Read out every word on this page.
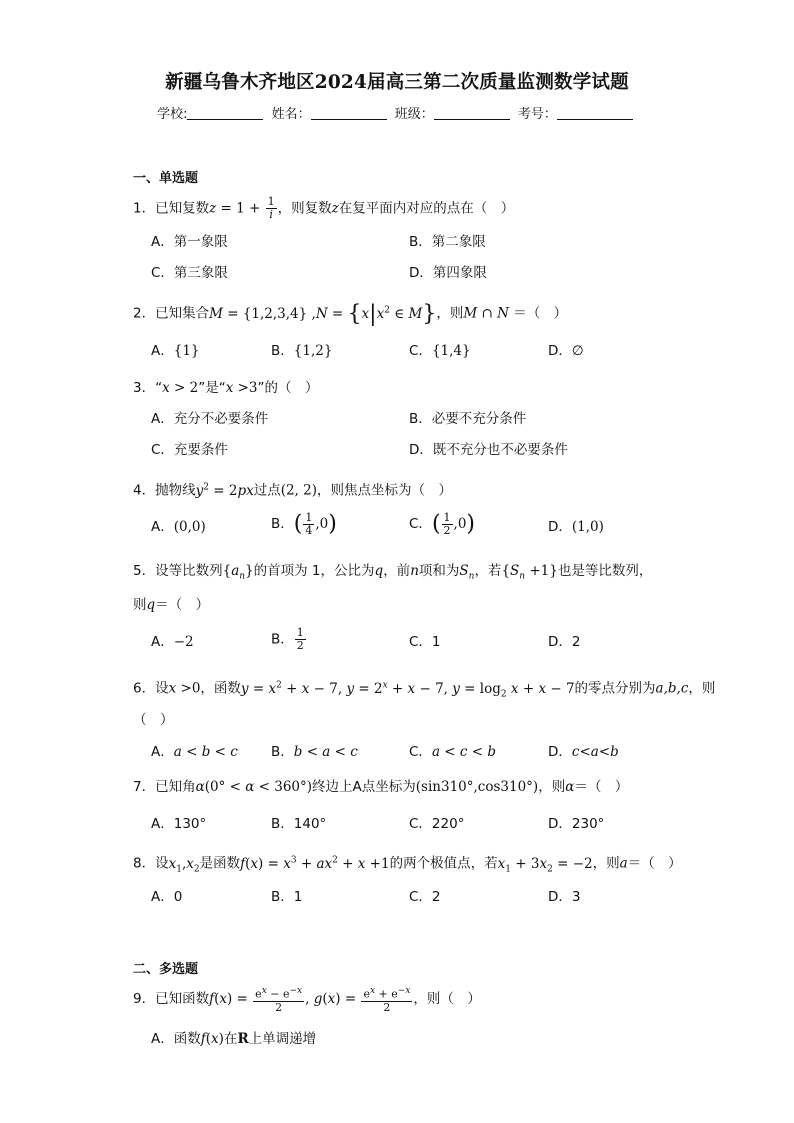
新疆乌鲁木齐地区2024届高三第二次质量监测数学试题
学校:	姓名：	班级：	考号：
一、单选题
1．已知复数$z = 1 + \frac{1}{i}$ ，则复数z在复平面内对应的点在（　）
A．第一象限	B．第二象限
C．第三象限	D．第四象限
2．已知集合M = {1,2,3,4} $,N = \{x|x^2$ ∈ M}，则M ∩ N ＝（　）
A．{1}	B．{1,2}	C．{1,4}	D．∅
3．“x > 2”是“x >3”的（　）
A．充分不必要条件	B．必要不充分条件
C．充要条件	D．既不充分也不必要条件
4．抛物线$y^2 = 2px$过点(2, 2)，则焦点坐标为（　）
A．(0,0)	B．( $\frac{1}{4} ,0$)	C．( $\frac{1}{2} ,0$)	D．(1,0)
5．设等比数列$\{a_n\}$的首项为 1，公比为q，前n项和为$S_n$，若$\{S_n +1\}$也是等比数列，
则q＝（　）
A．−2	B． $\frac{1}{2}$	C．1	D．2
6．设x >0，函数$y = x^2 + x - 7$, $y = 2^x + x - 7$, $y = \log_2 x + x - 7$的零点分别为a,b,c，则
（　）
A．a < b < c B．b < a < c	C．a < c < b	D．c<a<b
7．已知角α(0° < α < 360°)终边上A点坐标为(sin310°,cos310°)，则α＝（　）
A．130°	B．140°	C．220°	D．230°
8．设$x_1,x_2$是函数$f(x) = x^3 + ax^2 + x +1$的两个极值点，若$x_1 + 3x_2 = -2$，则a＝（　）
A．0	B．1	C．2	D．3
二、多选题
9．已知函数$f(x) = \frac{e^x - e^{-x}}{2}$ , $g(x) = \frac{e^x + e^{-x}}{2}$ ，则（　）
A．函数f(x)在R上单调递增
